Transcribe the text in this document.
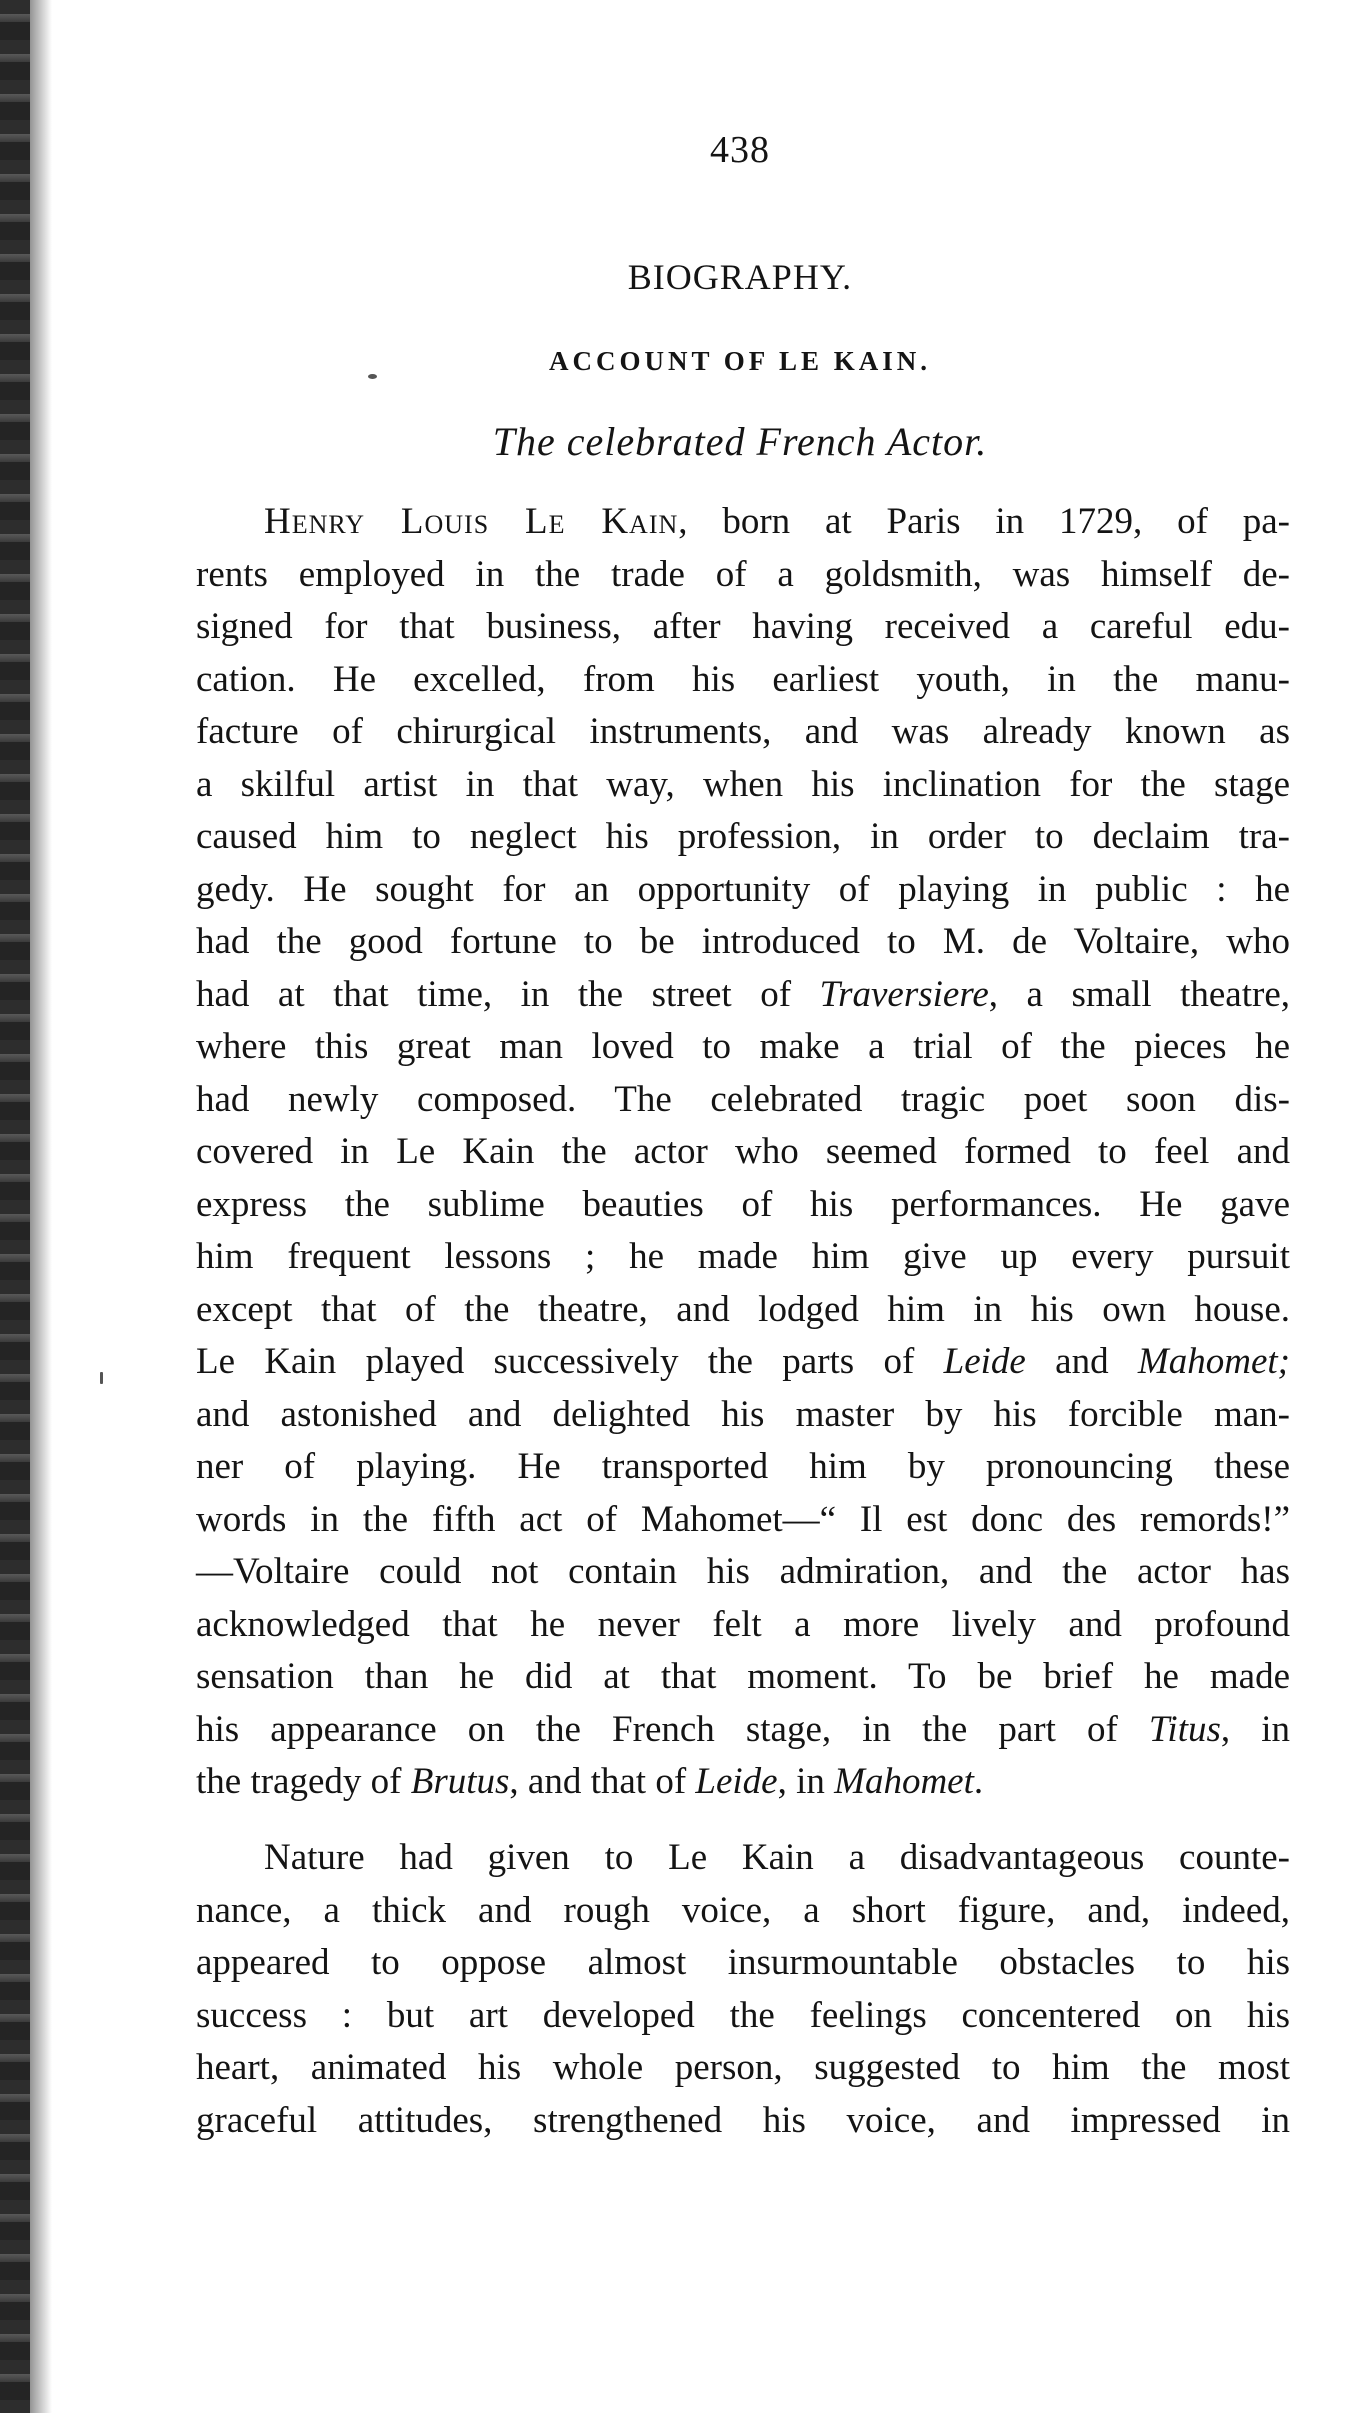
438
BIOGRAPHY.
ACCOUNT OF LE KAIN.
The celebrated French Actor.
Henry Louis Le Kain, born at Paris in 1729, of pa-
rents employed in the trade of a goldsmith, was himself de-
signed for that business, after having received a careful edu-
cation. He excelled, from his earliest youth, in the manu-
facture of chirurgical instruments, and was already known as
a skilful artist in that way, when his inclination for the stage
caused him to neglect his profession, in order to declaim tra-
gedy. He sought for an opportunity of playing in public : he
had the good fortune to be introduced to M. de Voltaire, who
had at that time, in the street of Traversiere, a small theatre,
where this great man loved to make a trial of the pieces he
had newly composed. The celebrated tragic poet soon dis-
covered in Le Kain the actor who seemed formed to feel and
express the sublime beauties of his performances. He gave
him frequent lessons ; he made him give up every pursuit
except that of the theatre, and lodged him in his own house.
Le Kain played successively the parts of Leide and Mahomet;
and astonished and delighted his master by his forcible man-
ner of playing. He transported him by pronouncing these
words in the fifth act of Mahomet—“ Il est donc des remords!”
—Voltaire could not contain his admiration, and the actor has
acknowledged that he never felt a more lively and profound
sensation than he did at that moment. To be brief he made
his appearance on the French stage, in the part of Titus, in
the tragedy of Brutus, and that of Leide, in Mahomet.
Nature had given to Le Kain a disadvantageous counte-
nance, a thick and rough voice, a short figure, and, indeed,
appeared to oppose almost insurmountable obstacles to his
success : but art developed the feelings concentered on his
heart, animated his whole person, suggested to him the most
graceful attitudes, strengthened his voice, and impressed in
